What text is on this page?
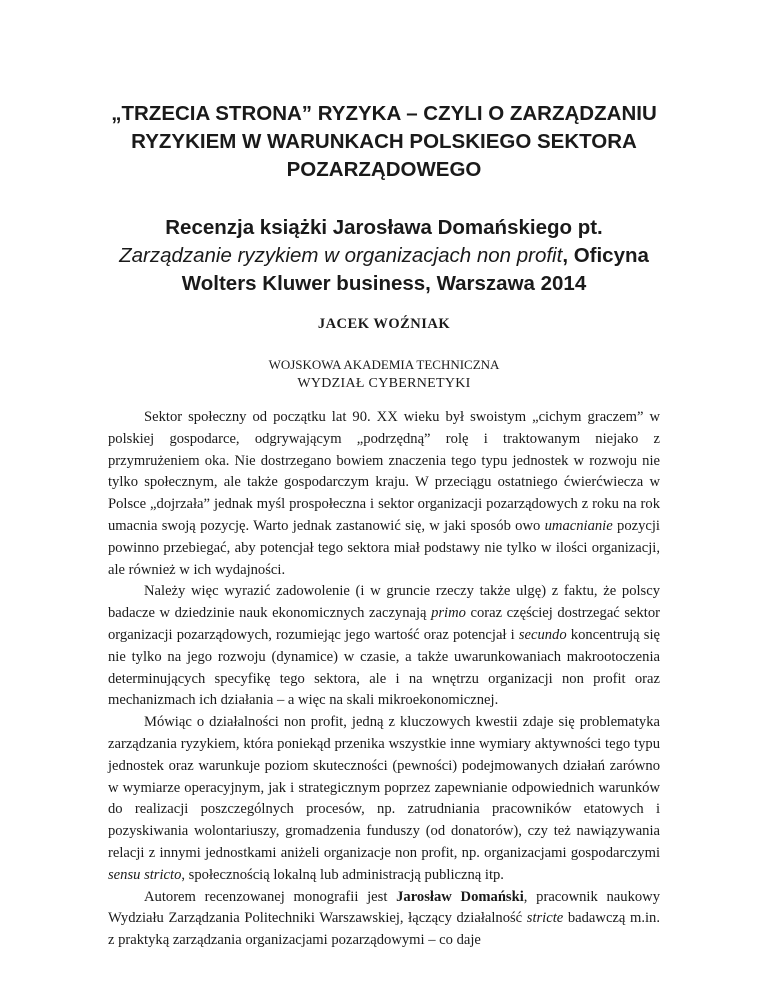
„TRZECIA STRONA” RYZYKA – CZYLI O ZARZĄDZANIU RYZYKIEM W WARUNKACH POLSKIEGO SEKTORA POZARZĄDOWEGO
Recenzja książki Jarosława Domańskiego pt. Zarządzanie ryzykiem w organizacjach non profit, Oficyna Wolters Kluwer business, Warszawa 2014
JACEK WOŹNIAK
WOJSKOWA AKADEMIA TECHNICZNA
WYDZIAŁ CYBERNETYKI

Sektor społeczny od początku lat 90. XX wieku był swoistym „cichym graczem” w polskiej gospodarce, odgrywającym „podrzędną” rolę i traktowanym niejako z przymrużeniem oka. Nie dostrzegano bowiem znaczenia tego typu jednostek w rozwoju nie tylko społecznym, ale także gospodarczym kraju. W przeciągu ostatniego ćwierćwiecza w Polsce „dojrzała” jednak myśl prospołeczna i sektor organizacji pozarządowych z roku na rok umacnia swoją pozycję. Warto jednak zastanowić się, w jaki sposób owo umacnianie pozycji powinno przebiegać, aby potencjał tego sektora miał podstawy nie tylko w ilości organizacji, ale również w ich wydajności.

Należy więc wyrazić zadowolenie (i w gruncie rzeczy także ulgę) z faktu, że polscy badacze w dziedzinie nauk ekonomicznych zaczynają primo coraz częściej dostrzegać sektor organizacji pozarządowych, rozumiejąc jego wartość oraz potencjał i secundo koncentrują się nie tylko na jego rozwoju (dynamice) w czasie, a także uwarunkowaniach makrootoczenia determinujących specyfikę tego sektora, ale i na wnętrzu organizacji non profit oraz mechanizmach ich działania – a więc na skali mikroekonomicznej.

Mówiąc o działalności non profit, jedną z kluczowych kwestii zdaje się problematyka zarządzania ryzykiem, która poniekąd przenika wszystkie inne wymiary aktywności tego typu jednostek oraz warunkuje poziom skuteczności (pewności) podejmowanych działań zarówno w wymiarze operacyjnym, jak i strategicznym poprzez zapewnianie odpowiednich warunków do realizacji poszczególnych procesów, np. zatrudniania pracowników etatowych i pozyskiwania wolontariuszy, gromadzenia funduszy (od donatorów), czy też nawiązywania relacji z innymi jednostkami aniżeli organizacje non profit, np. organizacjami gospodarczymi sensu stricto, społecznością lokalną lub administracją publiczną itp.

Autorem recenzowanej monografii jest Jarosław Domański, pracownik naukowy Wydziału Zarządzania Politechniki Warszawskiej, łączący działalność stricte badawczą m.in. z praktyką zarządzania organizacjami pozarządowymi – co daje
